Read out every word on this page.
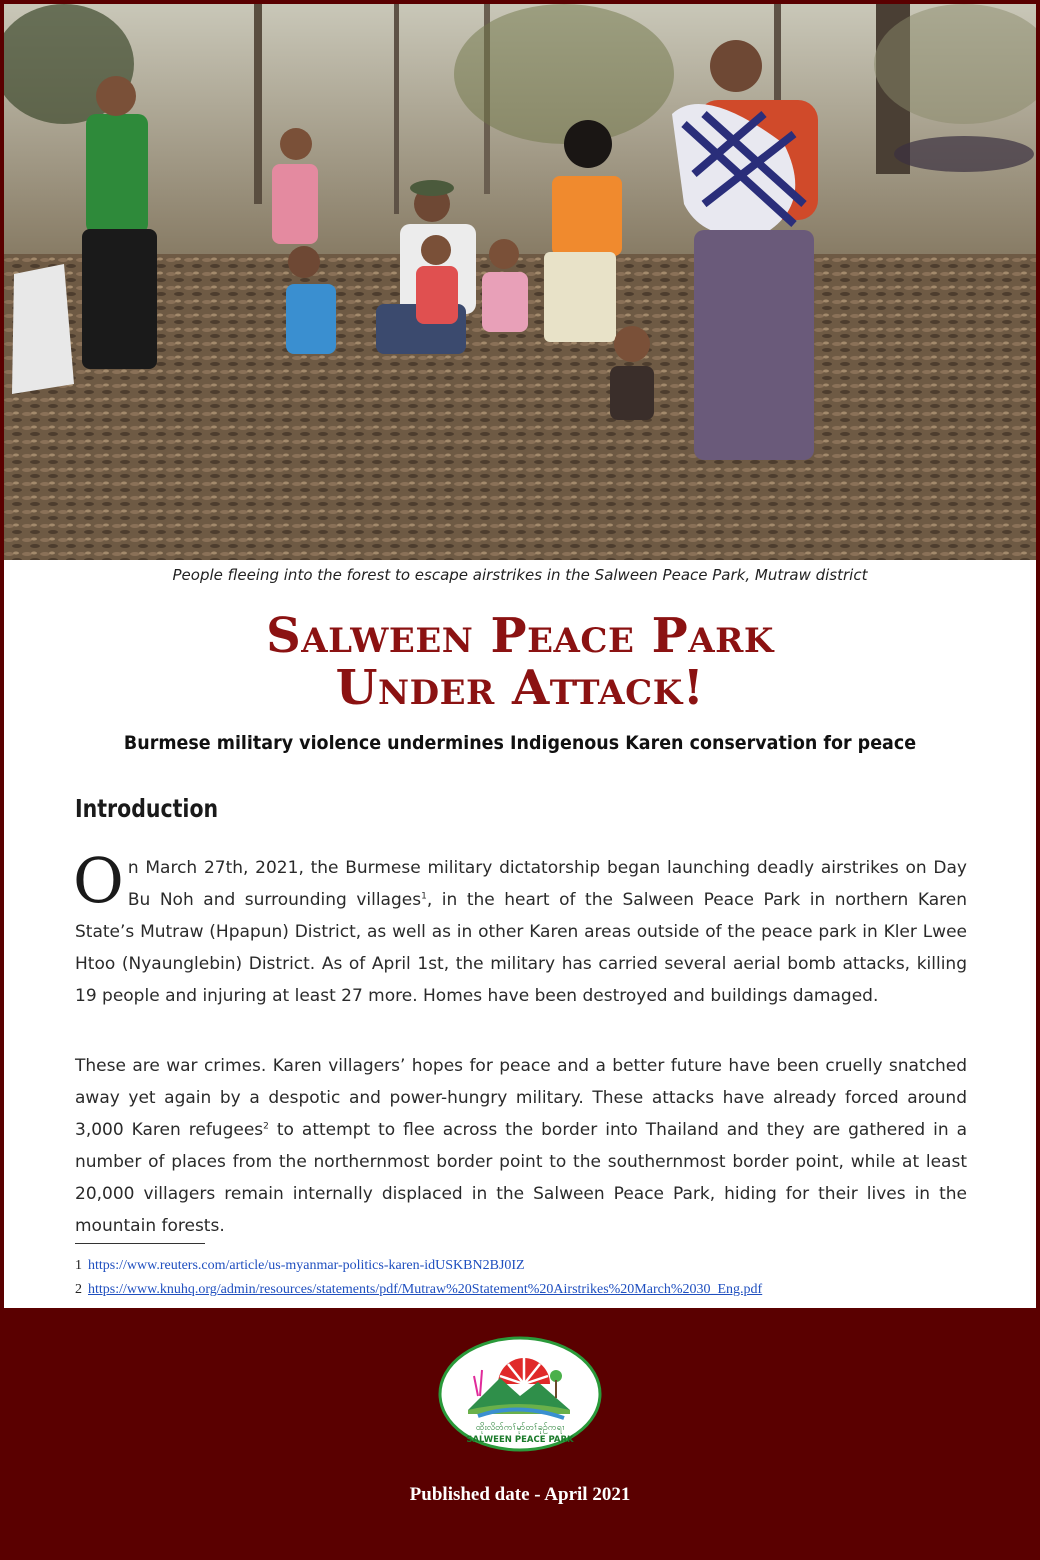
People fleeing into the forest to escape airstrikes in the Salween Peace Park, Mutraw district
Salween Peace Park
Under Attack!
Burmese military violence undermines Indigenous Karen conservation for peace
Introduction
On March 27th, 2021, the Burmese military dictatorship began launching deadly airstrikes on Day Bu Noh and surrounding villages$^1$, in the heart of the Salween Peace Park in northern Karen State’s Mutraw (Hpapun) District, as well as in other Karen areas outside of the peace park in Kler Lwee Htoo (Nyaunglebin) District. As of April 1st, the military has carried several aerial bomb attacks, killing 19 people and injuring at least 27 more. Homes have been destroyed and buildings damaged.
These are war crimes. Karen villagers’ hopes for peace and a better future have been cruelly snatched away yet again by a despotic and power-hungry military. These attacks have already forced around 3,000 Karen refugees$^2$ to attempt to flee across the border into Thailand and they are gathered in a number of places from the northernmost border point to the southernmost border point, while at least 20,000 villagers remain internally displaced in the Salween Peace Park, hiding for their lives in the mountain forests.
1 https://www.reuters.com/article/us-myanmar-politics-karen-idUSKBN2BJ0IZ
2 https://www.knuhq.org/admin/resources/statements/pdf/Mutraw%20Statement%20Airstrikes%20March%2030_Eng.pdf
ထိုးလိတ်ကၢ်မုာ်တၢ်ခုဉ်ကရၢ
SALWEEN PEACE PARK
Published date - April 2021
